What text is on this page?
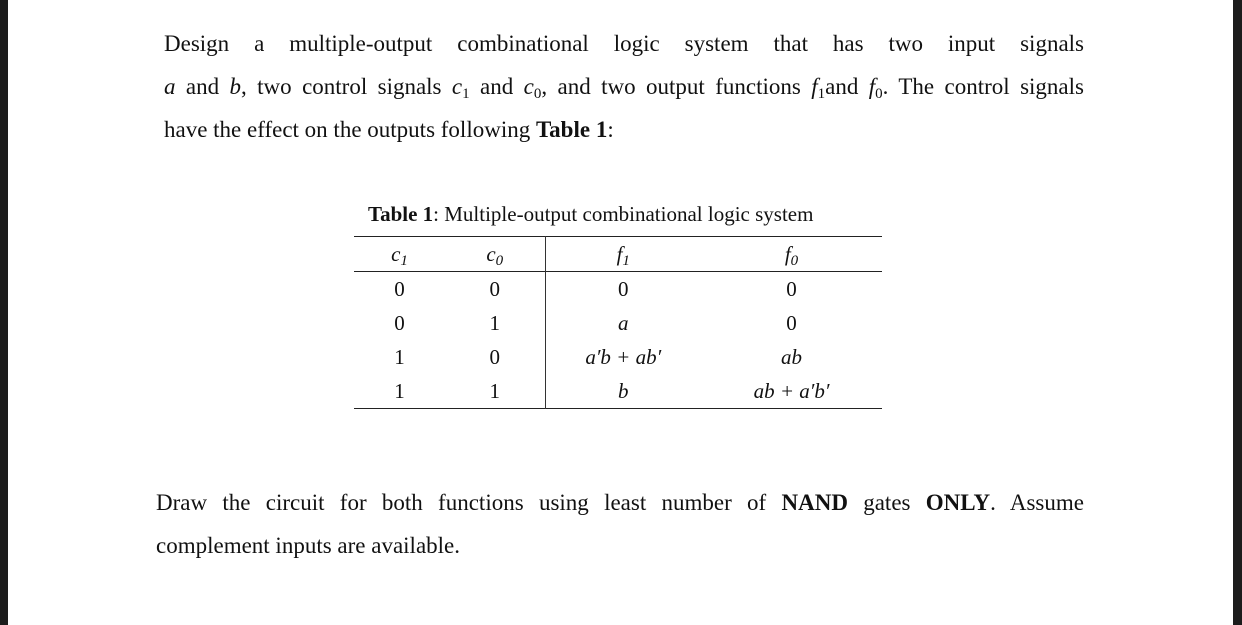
Design a multiple-output combinational logic system that has two input signals
a and b, two control signals $c_1$ and $c_0$, and two output functions $f_1and$ $f_0$. The control signals
have the effect on the outputs following Table 1:
Table 1: Multiple-output combinational logic system
$c_1$	$c_0$	$f_1$	$f_0$
0	0	0	0
0	1	a	0
1	0	a′b + ab′	ab
1	1	b	ab + a′b′
Draw the circuit for both functions using least number of NAND gates ONLY. Assume
complement inputs are available.
